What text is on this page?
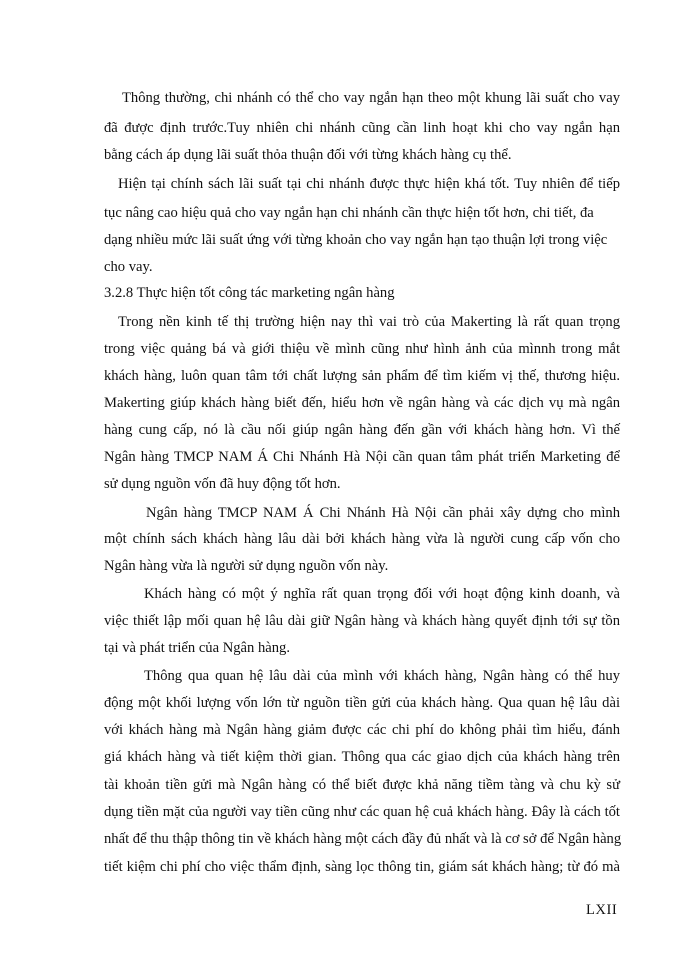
Thông thường, chi nhánh có thể cho vay ngắn hạn theo một khung lãi suất cho vay

đã được định trước.Tuy nhiên chi nhánh cũng cần linh hoạt khi cho vay ngắn hạn

bằng cách áp dụng lãi suất thỏa thuận đối với từng khách hàng cụ thể.

Hiện tại chính sách lãi suất tại chi nhánh được thực hiện khá tốt. Tuy nhiên để tiếp

tục nâng cao hiệu quả cho vay ngắn hạn chi nhánh cần thực hiện tốt hơn, chi tiết, đa

dạng nhiều mức lãi suất ứng với từng khoản cho vay ngắn hạn tạo thuận lợi trong việc

cho vay.

3.2.8 Thực hiện tốt công tác marketing ngân hàng

Trong nền kinh tế thị trường hiện nay thì vai trò của Makerting là rất quan trọng

trong việc quảng bá và giới thiệu về mình cũng như hình ảnh của mìnnh trong mắt

khách hàng, luôn quan tâm tới chất lượng sản phẩm để tìm kiếm vị thế, thương hiệu.

Makerting giúp khách hàng biết đến, hiểu hơn về ngân hàng và các dịch vụ mà ngân

hàng cung cấp, nó là cầu nối giúp ngân hàng đến gần với khách hàng hơn. Vì thế

Ngân hàng TMCP NAM Á Chi Nhánh Hà Nội cần quan tâm phát triển Marketing để

sử dụng nguồn vốn đã huy động tốt hơn.

Ngân hàng TMCP NAM Á Chi Nhánh Hà Nội cần phải xây dựng cho mình

một chính sách khách hàng lâu dài bởi khách hàng vừa là người cung cấp vốn cho

Ngân hàng vừa là người sử dụng nguồn vốn này.

Khách hàng có một ý nghĩa rất quan trọng đối với hoạt động kinh doanh, và

việc thiết lập mối quan hệ lâu dài giữ Ngân hàng và khách hàng quyết định tới sự tồn

tại và phát triển của Ngân hàng.

Thông qua quan hệ lâu dài của mình với khách hàng, Ngân hàng có thể huy

động một khối lượng vốn lớn từ nguồn tiền gửi của khách hàng. Qua quan hệ lâu dài

với khách hàng mà Ngân hàng giảm được các chi phí do không phải tìm hiểu, đánh

giá khách hàng và tiết kiệm thời gian. Thông qua các giao dịch của khách hàng trên

tài khoản tiền gửi mà Ngân hàng có thể biết được khả năng tiềm tàng và chu kỳ sử

dụng tiền mặt của người vay tiền cũng như các quan hệ cuả khách hàng. Đây là cách tốt

nhất để thu thập thông tin về khách hàng một cách đầy đủ nhất và là cơ sở để Ngân hàng

tiết kiệm chi phí cho việc thẩm định, sàng lọc thông tin, giám sát khách hàng; từ đó mà

LXII
